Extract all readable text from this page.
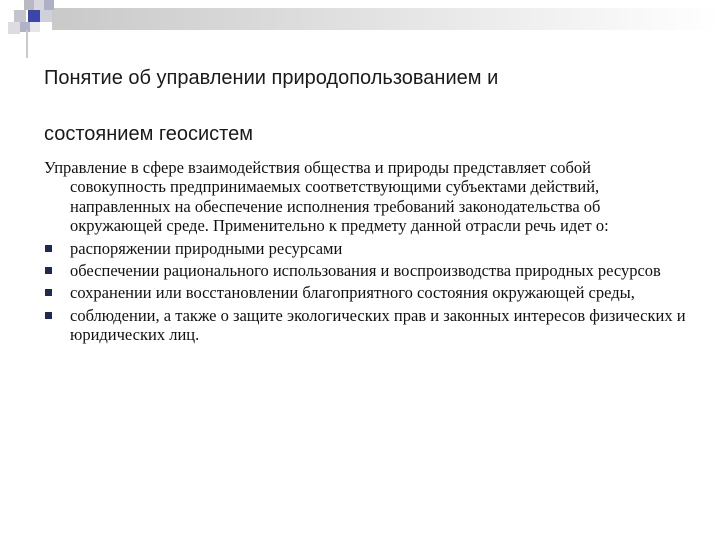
Понятие об управлении природопользованием и
состоянием геосистем

Управление в сфере взаимодействия общества и природы представляет собой совокупность предпринимаемых соответствующими субъектами действий, направленных на обеспечение исполнения требований законодательства об окружающей среде. Применительно к предмету данной отрасли речь идет о:

распоряжении природными ресурсами
обеспечении рационального использования и воспроизводства природных ресурсов
сохранении или восстановлении благоприятного состояния окружающей среды,
соблюдении, а также о защите экологических прав и законных интересов физических и юридических лиц.
